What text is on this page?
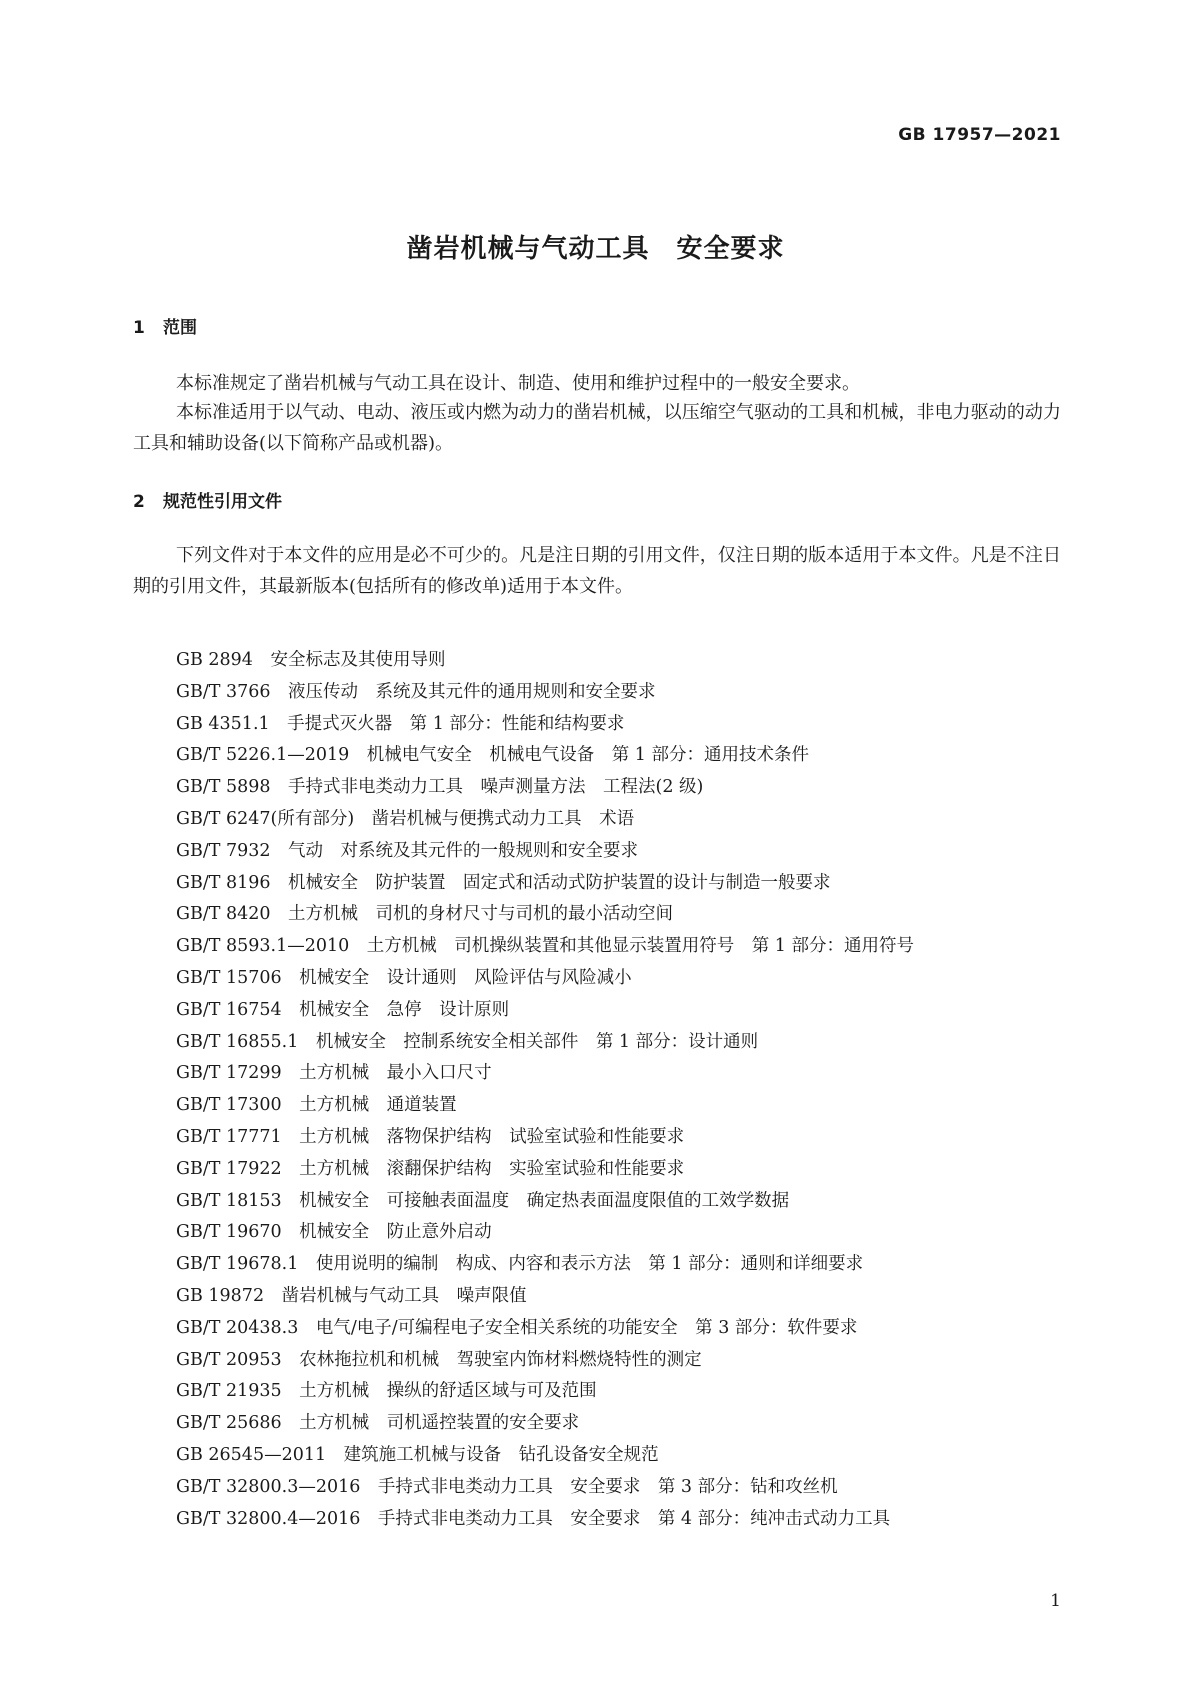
GB 17957—2021
凿岩机械与气动工具　安全要求
1 范围

本标准规定了凿岩机械与气动工具在设计、制造、使用和维护过程中的一般安全要求。

本标准适用于以气动、电动、液压或内燃为动力的凿岩机械，以压缩空气驱动的工具和机械，非电力驱动的动力工具和辅助设备(以下简称产品或机器)。

2 规范性引用文件

下列文件对于本文件的应用是必不可少的。凡是注日期的引用文件，仅注日期的版本适用于本文件。凡是不注日期的引用文件，其最新版本(包括所有的修改单)适用于本文件。

GB 2894　安全标志及其使用导则
GB/T 3766　液压传动　系统及其元件的通用规则和安全要求
GB 4351.1　手提式灭火器　第 1 部分：性能和结构要求
GB/T 5226.1—2019　机械电气安全　机械电气设备　第 1 部分：通用技术条件
GB/T 5898　手持式非电类动力工具　噪声测量方法　工程法(2 级)
GB/T 6247(所有部分)　凿岩机械与便携式动力工具　术语
GB/T 7932　气动　对系统及其元件的一般规则和安全要求
GB/T 8196　机械安全　防护装置　固定式和活动式防护装置的设计与制造一般要求
GB/T 8420　土方机械　司机的身材尺寸与司机的最小活动空间
GB/T 8593.1—2010　土方机械　司机操纵装置和其他显示装置用符号　第 1 部分：通用符号
GB/T 15706　机械安全　设计通则　风险评估与风险减小
GB/T 16754　机械安全　急停　设计原则
GB/T 16855.1　机械安全　控制系统安全相关部件　第 1 部分：设计通则
GB/T 17299　土方机械　最小入口尺寸
GB/T 17300　土方机械　通道装置
GB/T 17771　土方机械　落物保护结构　试验室试验和性能要求
GB/T 17922　土方机械　滚翻保护结构　实验室试验和性能要求
GB/T 18153　机械安全　可接触表面温度　确定热表面温度限值的工效学数据
GB/T 19670　机械安全　防止意外启动
GB/T 19678.1　使用说明的编制　构成、内容和表示方法　第 1 部分：通则和详细要求
GB 19872　凿岩机械与气动工具　噪声限值
GB/T 20438.3　电气/电子/可编程电子安全相关系统的功能安全　第 3 部分：软件要求
GB/T 20953　农林拖拉机和机械　驾驶室内饰材料燃烧特性的测定
GB/T 21935　土方机械　操纵的舒适区域与可及范围
GB/T 25686　土方机械　司机遥控装置的安全要求
GB 26545—2011　建筑施工机械与设备　钻孔设备安全规范
GB/T 32800.3—2016　手持式非电类动力工具　安全要求　第 3 部分：钻和攻丝机
GB/T 32800.4—2016　手持式非电类动力工具　安全要求　第 4 部分：纯冲击式动力工具
1
